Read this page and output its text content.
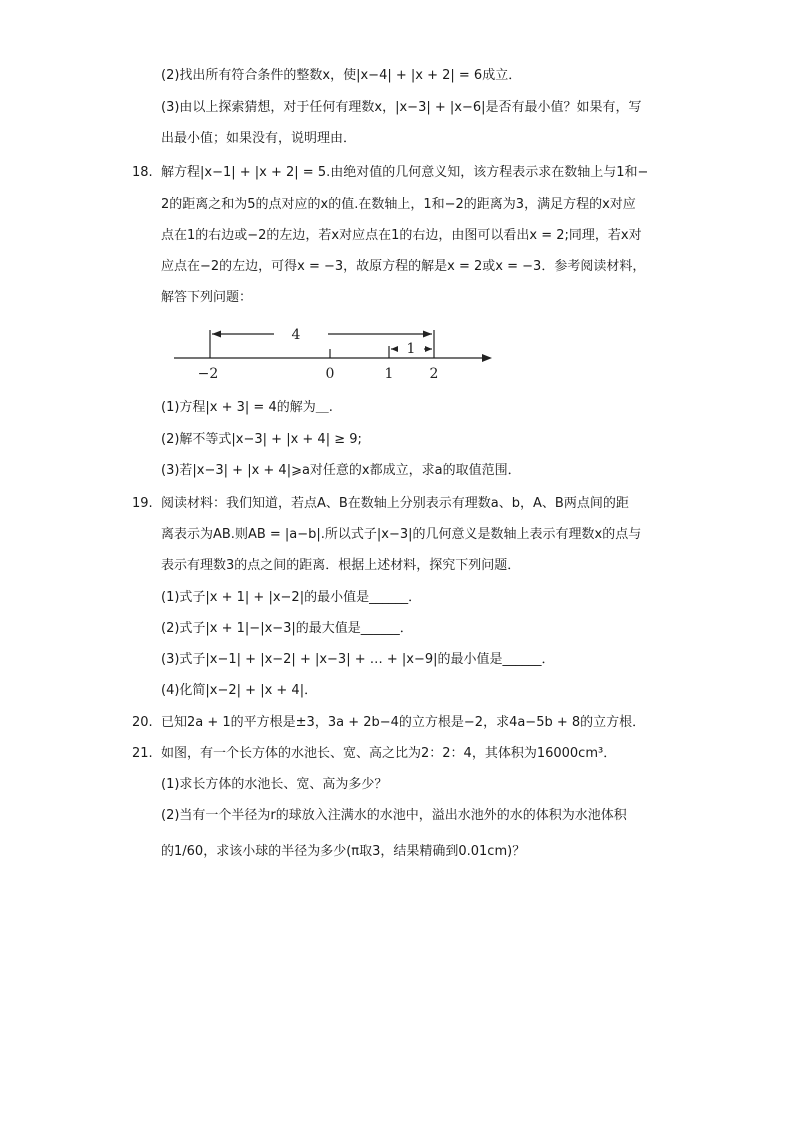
(2)找出所有符合条件的整数x，使|x−4| + |x + 2| = 6成立．
(3)由以上探索猜想，对于任何有理数x，|x−3| + |x−6|是否有最小值？如果有，写
出最小值；如果没有，说明理由．
18. 解方程|x−1| + |x + 2| = 5.由绝对值的几何意义知，该方程表示求在数轴上与1和−
2的距离之和为5的点对应的x的值.在数轴上，1和−2的距离为3，满足方程的x对应
点在1的右边或−2的左边，若x对应点在1的右边，由图可以看出x = 2;同理，若x对
应点在−2的左边，可得x = −3，故原方程的解是x = 2或x = −3．参考阅读材料，
解答下列问题：
4
1
−2	0	1	2
(1)方程|x + 3| = 4的解为＿.
(2)解不等式|x−3| + |x + 4| ≥ 9;
(3)若|x−3| + |x + 4|⩾a对任意的x都成立，求a的取值范围．
19. 阅读材料：我们知道，若点A、B在数轴上分别表示有理数a、b，A、B两点间的距
离表示为AB.则AB = |a−b|.所以式子|x−3|的几何意义是数轴上表示有理数x的点与
表示有理数3的点之间的距离．根据上述材料，探究下列问题．
(1)式子|x + 1| + |x−2|的最小值是______．
(2)式子|x + 1|−|x−3|的最大值是______．
(3)式子|x−1| + |x−2| + |x−3| + … + |x−9|的最小值是______．
(4)化简|x−2| + |x + 4|．
20. 已知2a + 1的平方根是±3，3a + 2b−4的立方根是−2，求4a−5b + 8的立方根．
21. 如图，有一个长方体的水池长、宽、高之比为2：2：4，其体积为16000cm³．
(1)求长方体的水池长、宽、高为多少？
(2)当有一个半径为r的球放入注满水的水池中，溢出水池外的水的体积为水池体积
的1/60，求该小球的半径为多少(π取3，结果精确到0.01cm)？
